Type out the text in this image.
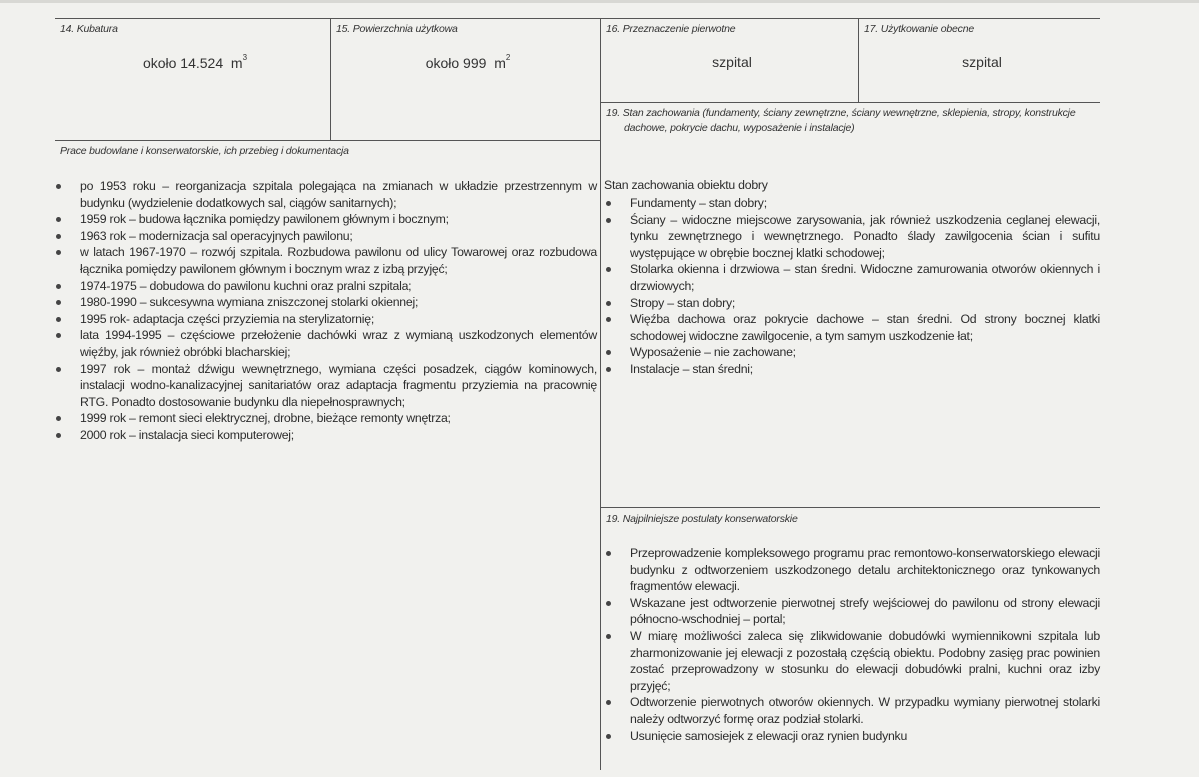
14. Kubatura
około 14.524 $m^3$
15. Powierzchnia użytkowa
około 999 $m^2$
16. Przeznaczenie pierwotne
szpital
17. Użytkowanie obecne
szpital
19. Stan zachowania (fundamenty, ściany zewnętrzne, ściany wewnętrzne, sklepienia, stropy, konstrukcje
dachowe, pokrycie dachu, wyposażenie i instalacje)
Prace budowlane i konserwatorskie, ich przebieg i dokumentacja
po 1953 roku – reorganizacja szpitala polegająca na zmianach w układzie przestrzennym w budynku (wydzielenie dodatkowych sal, ciągów sanitarnych);
1959 rok – budowa łącznika pomiędzy pawilonem głównym i bocznym;
1963 rok – modernizacja sal operacyjnych pawilonu;
w latach 1967-1970 – rozwój szpitala. Rozbudowa pawilonu od ulicy Towarowej oraz rozbudowa łącznika pomiędzy pawilonem głównym i bocznym wraz z izbą przyjęć;
1974-1975 – dobudowa do pawilonu kuchni oraz pralni szpitala;
1980-1990 – sukcesywna wymiana zniszczonej stolarki okiennej;
1995 rok- adaptacja części przyziemia na sterylizatornię;
lata 1994-1995 – częściowe przełożenie dachówki wraz z wymianą uszkodzonych elementów więźby, jak również obróbki blacharskiej;
1997 rok – montaż dźwigu wewnętrznego, wymiana części posadzek, ciągów kominowych, instalacji wodno-kanalizacyjnej sanitariatów oraz adaptacja fragmentu przyziemia na pracownię RTG. Ponadto dostosowanie budynku dla niepełnosprawnych;
1999 rok – remont sieci elektrycznej, drobne, bieżące remonty wnętrza;
2000 rok – instalacja sieci komputerowej;
Stan zachowania obiektu dobry
Fundamenty – stan dobry;
Ściany – widoczne miejscowe zarysowania, jak również uszkodzenia ceglanej elewacji, tynku zewnętrznego i wewnętrznego. Ponadto ślady zawilgocenia ścian i sufitu występujące w obrębie bocznej klatki schodowej;
Stolarka okienna i drzwiowa – stan średni. Widoczne zamurowania otworów okiennych i drzwiowych;
Stropy – stan dobry;
Więźba dachowa oraz pokrycie dachowe – stan średni. Od strony bocznej klatki schodowej widoczne zawilgocenie, a tym samym uszkodzenie łat;
Wyposażenie – nie zachowane;
Instalacje – stan średni;
19. Najpilniejsze postulaty konserwatorskie
Przeprowadzenie kompleksowego programu prac remontowo-konserwatorskiego elewacji budynku z odtworzeniem uszkodzonego detalu architektonicznego oraz tynkowanych fragmentów elewacji.
Wskazane jest odtworzenie pierwotnej strefy wejściowej do pawilonu od strony elewacji północno-wschodniej – portal;
W miarę możliwości zaleca się zlikwidowanie dobudówki wymiennikowni szpitala lub zharmonizowanie jej elewacji z pozostałą częścią obiektu. Podobny zasięg prac powinien zostać przeprowadzony w stosunku do elewacji dobudówki pralni, kuchni oraz izby przyjęć;
Odtworzenie pierwotnych otworów okiennych. W przypadku wymiany pierwotnej stolarki należy odtworzyć formę oraz podział stolarki.
Usunięcie samosiejek z elewacji oraz rynien budynku
